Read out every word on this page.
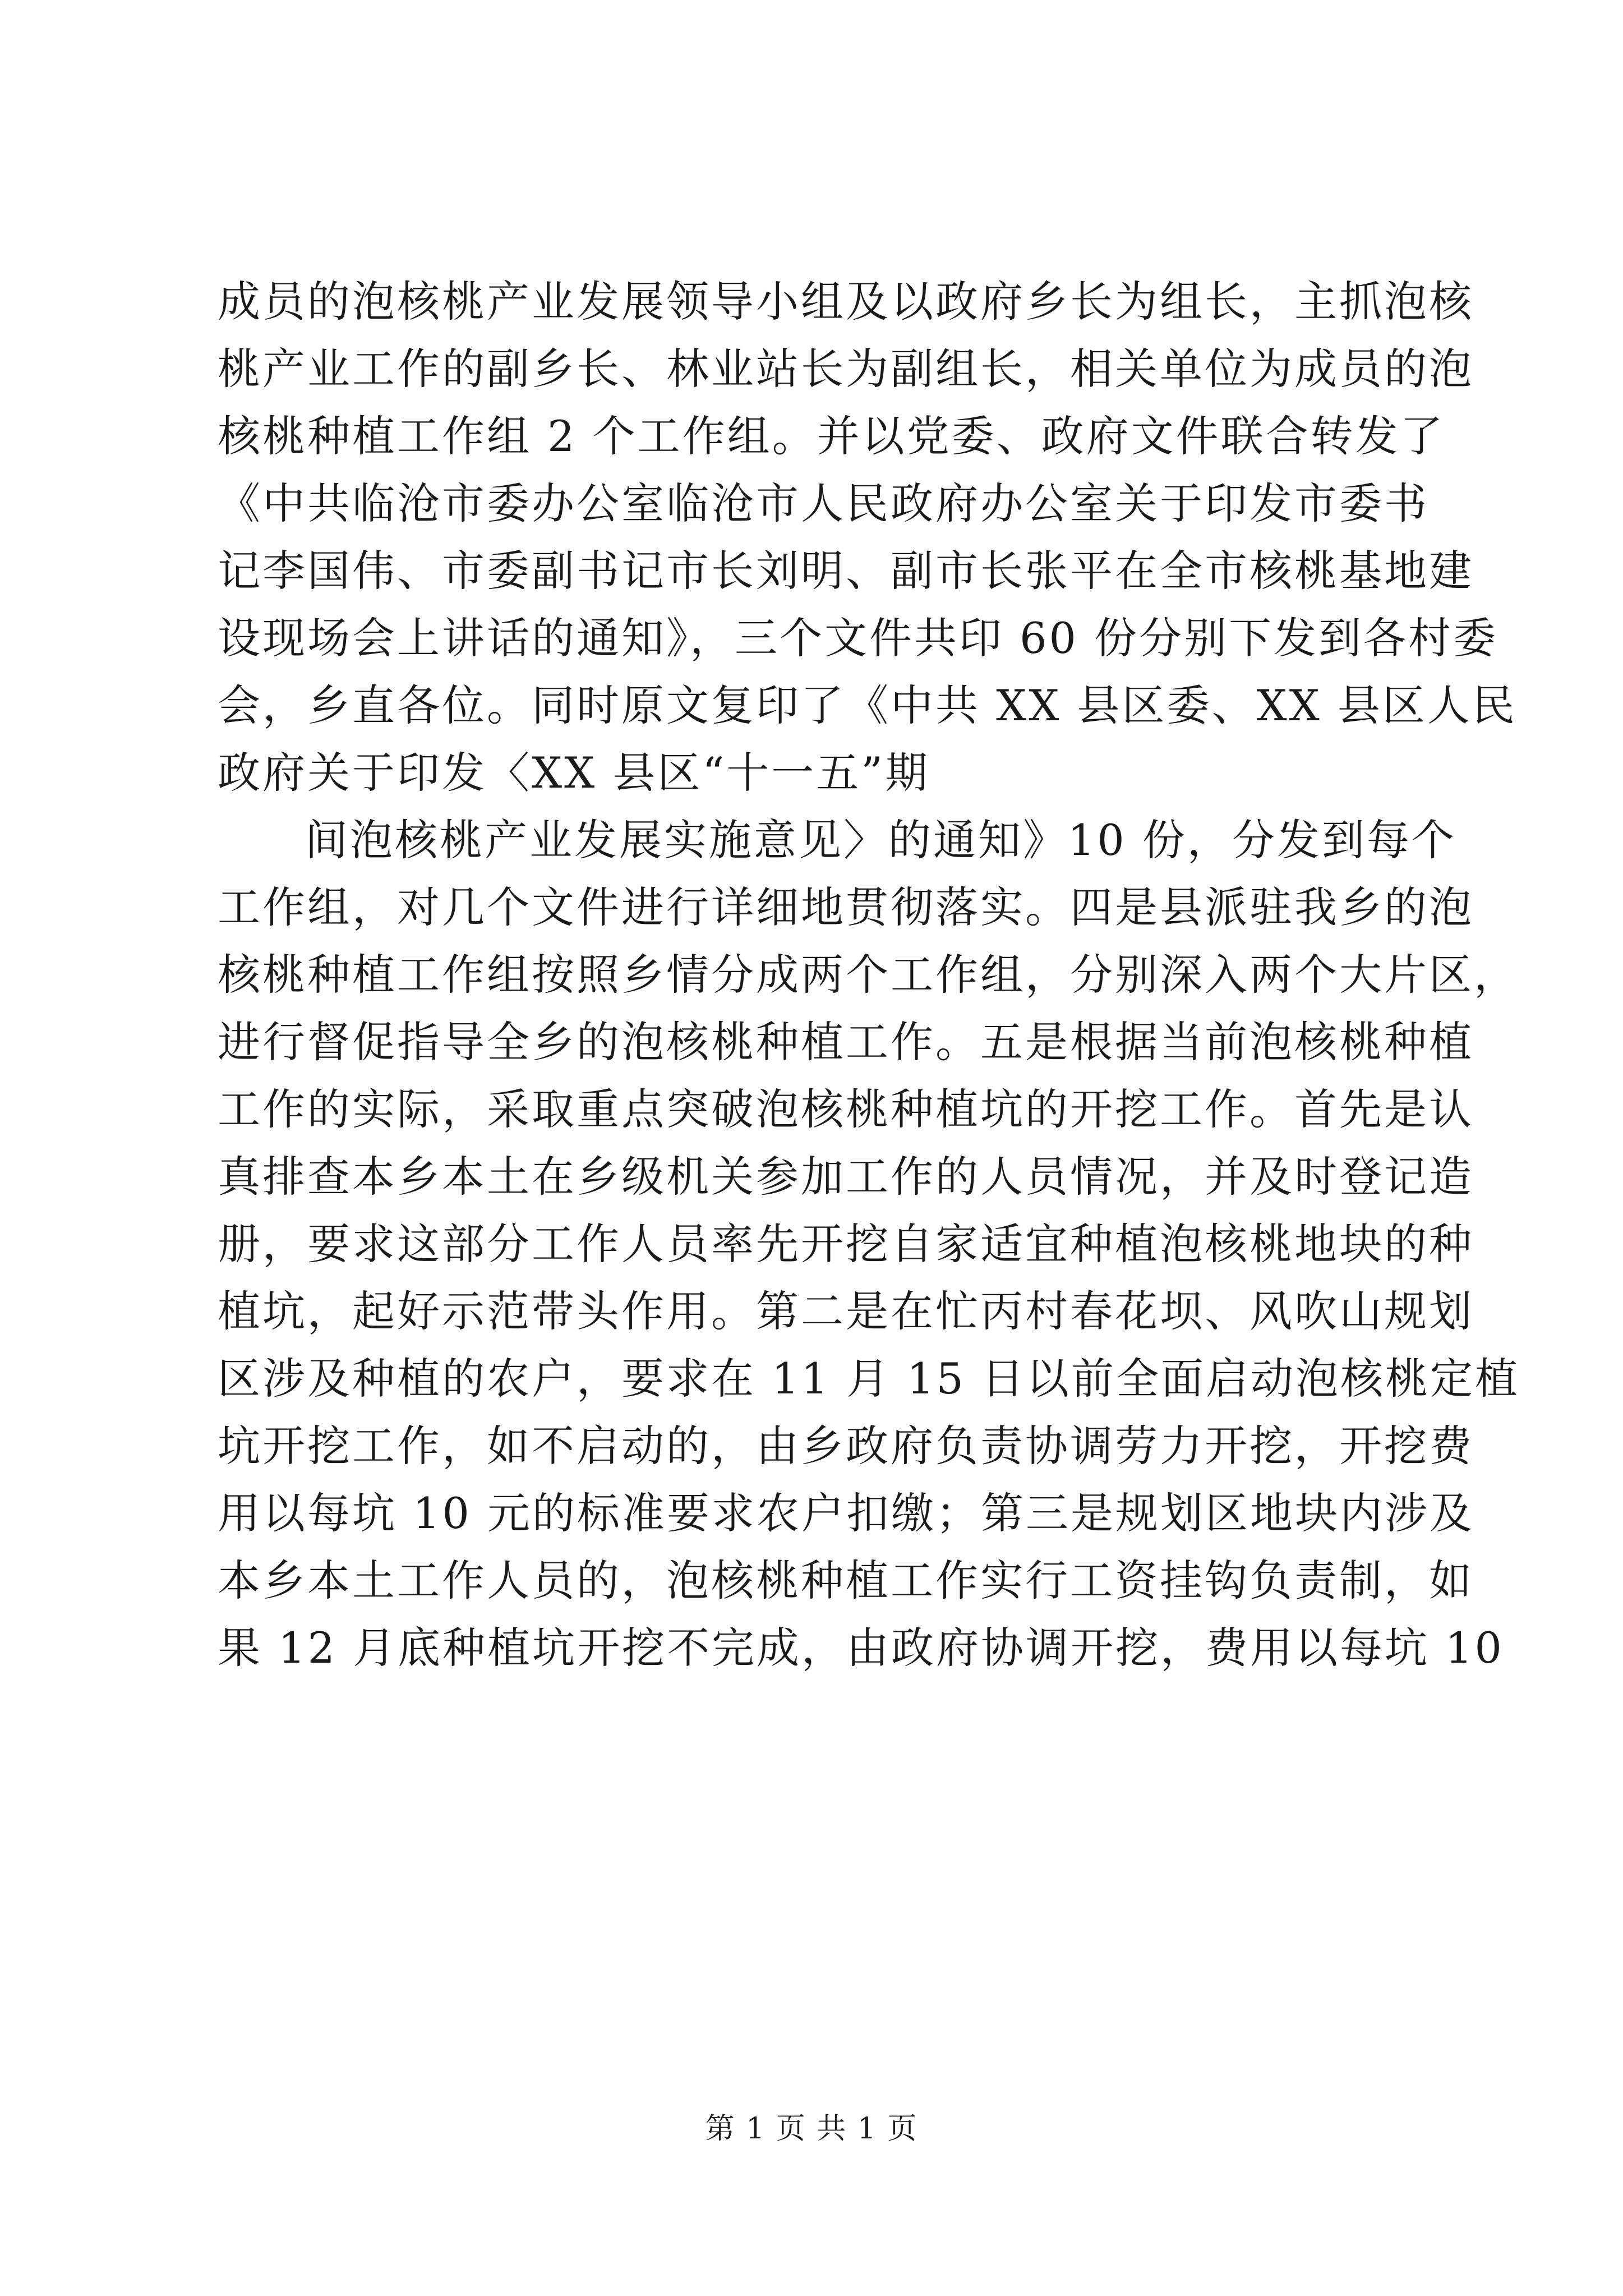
成员的泡核桃产业发展领导小组及以政府乡长为组长，主抓泡核
桃产业工作的副乡长、林业站长为副组长，相关单位为成员的泡
核桃种植工作组 2 个工作组。并以党委、政府文件联合转发了
《中共临沧市委办公室临沧市人民政府办公室关于印发市委书
记李国伟、市委副书记市长刘明、副市长张平在全市核桃基地建
设现场会上讲话的通知》，三个文件共印 60 份分别下发到各村委
会，乡直各位。同时原文复印了《中共 XX 县区委、XX 县区人民
政府关于印发〈XX 县区“十一五”期
间泡核桃产业发展实施意见〉的通知》10 份，分发到每个
工作组，对几个文件进行详细地贯彻落实。四是县派驻我乡的泡
核桃种植工作组按照乡情分成两个工作组，分别深入两个大片区，
进行督促指导全乡的泡核桃种植工作。五是根据当前泡核桃种植
工作的实际，采取重点突破泡核桃种植坑的开挖工作。首先是认
真排查本乡本土在乡级机关参加工作的人员情况，并及时登记造
册，要求这部分工作人员率先开挖自家适宜种植泡核桃地块的种
植坑，起好示范带头作用。第二是在忙丙村春花坝、风吹山规划
区涉及种植的农户，要求在 11 月 15 日以前全面启动泡核桃定植
坑开挖工作，如不启动的，由乡政府负责协调劳力开挖，开挖费
用以每坑 10 元的标准要求农户扣缴；第三是规划区地块内涉及
本乡本土工作人员的，泡核桃种植工作实行工资挂钩负责制，如
果 12 月底种植坑开挖不完成，由政府协调开挖，费用以每坑 10
第 1 页 共 1 页
